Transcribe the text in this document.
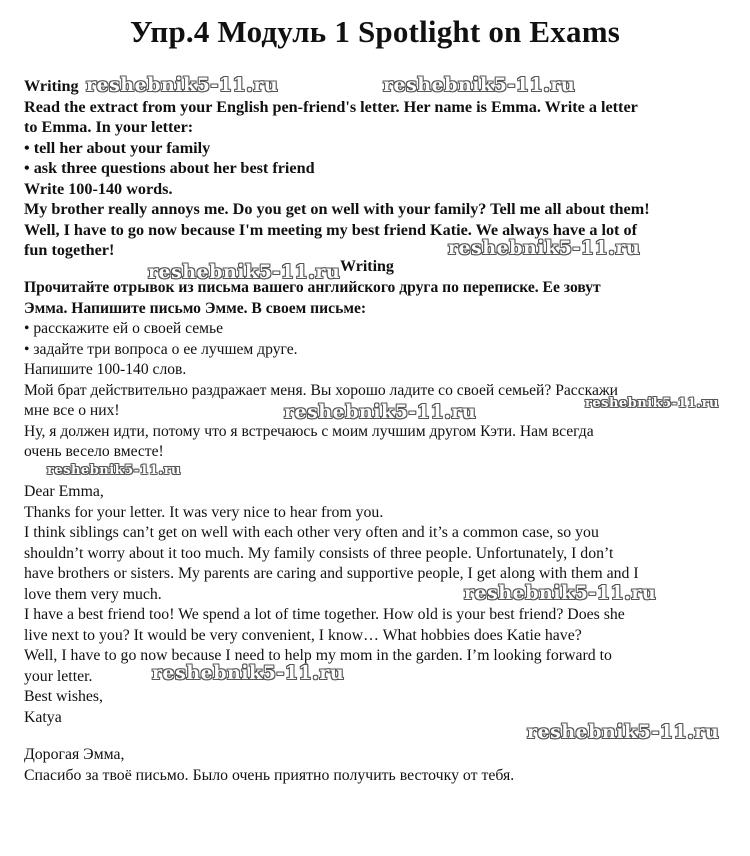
Упр.4 Модуль 1 Spotlight on Exams
Writing
Read the extract from your English pen-friend's letter. Her name is Emma. Write a letter
to Emma. In your letter:
• tell her about your family
• ask three questions about her best friend
Write 100-140 words.
My brother really annoys me. Do you get on well with your family? Tell me all about them!
Well, I have to go now because I'm meeting my best friend Katie. We always have a lot of
fun together!
Writing
Прочитайте отрывок из письма вашего английского друга по переписке. Ее зовут
Эмма. Напишите письмо Эмме. В своем письме:
• расскажите ей о своей семье
• задайте три вопроса о ее лучшем друге.
Напишите 100-140 слов.
Мой брат действительно раздражает меня. Вы хорошо ладите со своей семьей? Расскажи
мне все о них!
Ну, я должен идти, потому что я встречаюсь с моим лучшим другом Кэти. Нам всегда
очень весело вместе!
Dear Emma,
Thanks for your letter. It was very nice to hear from you.
I think siblings can’t get on well with each other very often and it’s a common case, so you
shouldn’t worry about it too much. My family consists of three people. Unfortunately, I don’t
have brothers or sisters. My parents are caring and supportive people, I get along with them and I
love them very much.
I have a best friend too! We spend a lot of time together. How old is your best friend? Does she
live next to you? It would be very convenient, I know… What hobbies does Katie have?
Well, I have to go now because I need to help my mom in the garden. I’m looking forward to
your letter.
Best wishes,
Katya
Дорогая Эмма,
Спасибо за твоё письмо. Было очень приятно получить весточку от тебя.
reshebnik5-11.ru	reshebnik5-11.ru
reshebnik5-11.ru
reshebnik5-11.ru
reshebnik5-11.ru
reshebnik5-11.ru
reshebnik5-11.ru
reshebnik5-11.ru
reshebnik5-11.ru
reshebnik5-11.ru
